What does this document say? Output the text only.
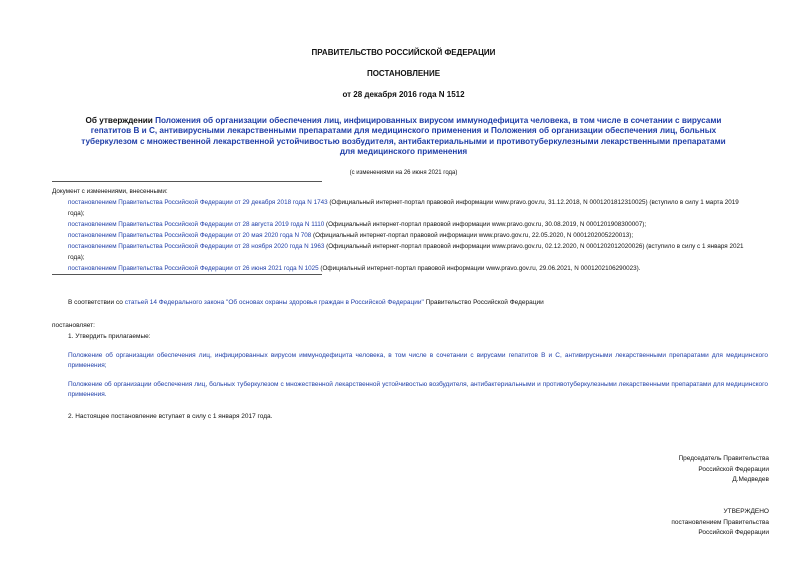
ПРАВИТЕЛЬСТВО РОССИЙСКОЙ ФЕДЕРАЦИИ
ПОСТАНОВЛЕНИЕ
от 28 декабря 2016 года N 1512
Об утверждении Положения об организации обеспечения лиц, инфицированных вирусом иммунодефицита человека, в том числе в сочетании с вирусами гепатитов B и C, антивирусными лекарственными препаратами для медицинского применения и Положения об организации обеспечения лиц, больных туберкулезом с множественной лекарственной устойчивостью возбудителя, антибактериальными и противотуберкулезными лекарственными препаратами для медицинского применения
(с изменениями на 26 июня 2021 года)

Документ с изменениями, внесенными:

постановлением Правительства Российской Федерации от 29 декабря 2018 года N 1743 (Официальный интернет-портал правовой информации www.pravo.gov.ru, 31.12.2018, N 0001201812310025) (вступило в силу 1 марта 2019 года);

постановлением Правительства Российской Федерации от 28 августа 2019 года N 1110 (Официальный интернет-портал правовой информации www.pravo.gov.ru, 30.08.2019, N 0001201908300007);

постановлением Правительства Российской Федерации от 20 мая 2020 года N 708 (Официальный интернет-портал правовой информации www.pravo.gov.ru, 22.05.2020, N 0001202005220013);

постановлением Правительства Российской Федерации от 28 ноября 2020 года N 1963 (Официальный интернет-портал правовой информации www.pravo.gov.ru, 02.12.2020, N 0001202012020026) (вступило в силу с 1 января 2021 года);

постановлением Правительства Российской Федерации от 26 июня 2021 года N 1025 (Официальный интернет-портал правовой информации www.pravo.gov.ru, 29.06.2021, N 0001202106290023).

В соответствии со статьей 14 Федерального закона "Об основах охраны здоровья граждан в Российской Федерации" Правительство Российской Федерации

постановляет:

1. Утвердить прилагаемые:

Положение об организации обеспечения лиц, инфицированных вирусом иммунодефицита человека, в том числе в сочетании с вирусами гепатитов B и C, антивирусными лекарственными препаратами для медицинского применения;

Положение об организации обеспечения лиц, больных туберкулезом с множественной лекарственной устойчивостью возбудителя, антибактериальными и противотуберкулезными лекарственными препаратами для медицинского применения.

2. Настоящее постановление вступает в силу с 1 января 2017 года.

Председатель Правительства
Российской Федерации
Д.Медведев
УТВЕРЖДЕНО
постановлением Правительства
Российской Федерации
